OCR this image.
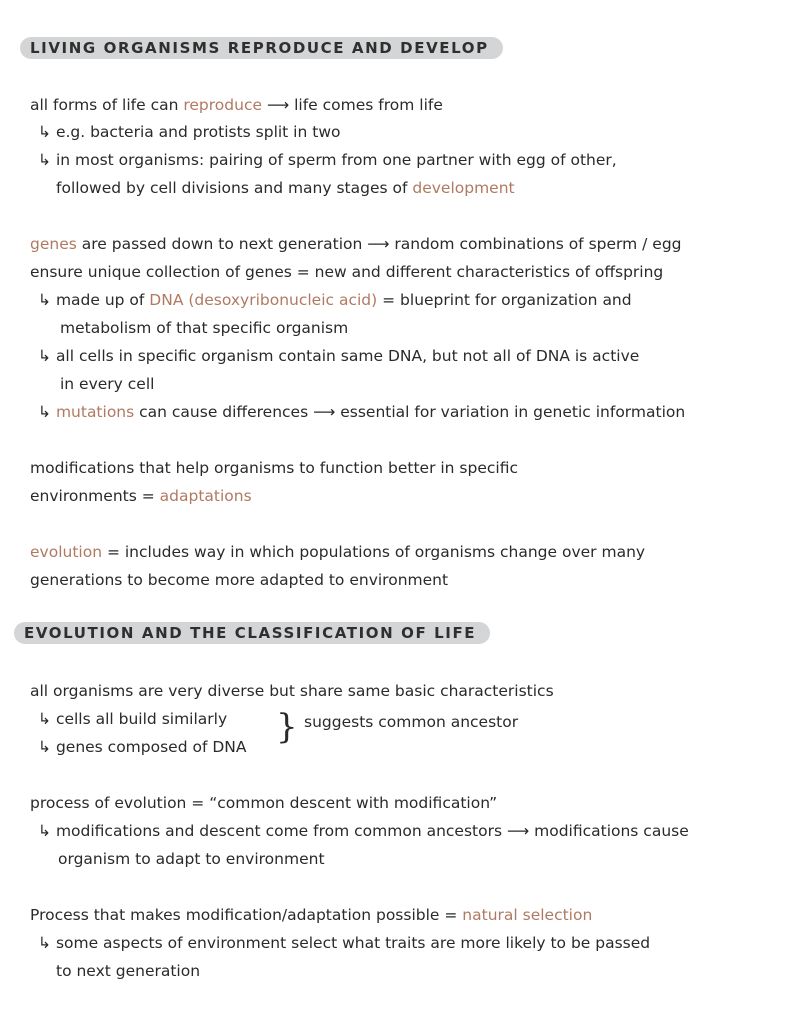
LIVING ORGANISMS REPRODUCE AND DEVELOP
all forms of life can reproduce ⟶ life comes from life
↳ e.g. bacteria and protists split in two
↳ in most organisms: pairing of sperm from one partner with egg of other,
followed by cell divisions and many stages of development
genes are passed down to next generation ⟶ random combinations of sperm / egg
ensure unique collection of genes = new and different characteristics of offspring
↳ made up of DNA (desoxyribonucleic acid) = blueprint for organization and
metabolism of that specific organism
↳ all cells in specific organism contain same DNA, but not all of DNA is active
in every cell
↳ mutations can cause differences ⟶ essential for variation in genetic information
modifications that help organisms to function better in specific
environments = adaptations
evolution = includes way in which populations of organisms change over many
generations to become more adapted to environment
EVOLUTION AND THE CLASSIFICATION OF LIFE
all organisms are very diverse but share same basic characteristics
↳ cells all build similarly
↳ genes composed of DNA } suggests common ancestor
process of evolution = “common descent with modification”
↳ modifications and descent come from common ancestors ⟶ modifications cause
organism to adapt to environment
Process that makes modification/adaptation possible = natural selection
↳ some aspects of environment select what traits are more likely to be passed
to next generation
